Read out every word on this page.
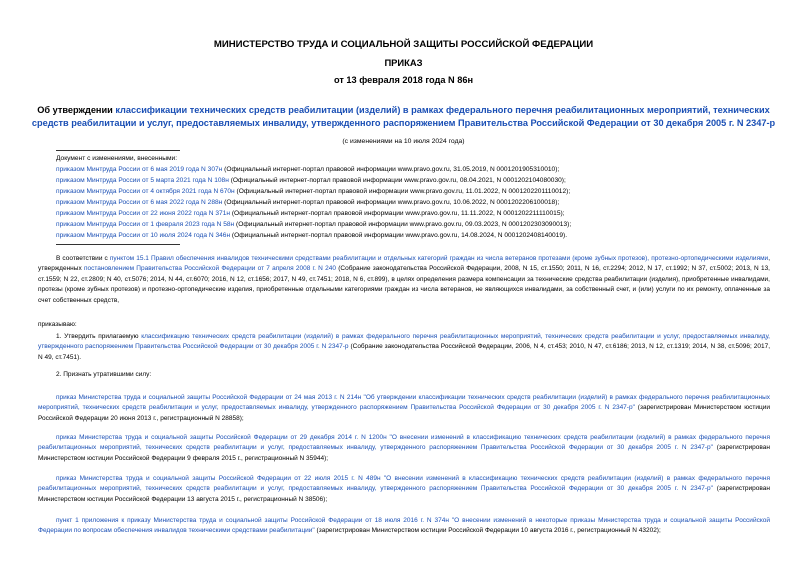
МИНИСТЕРСТВО ТРУДА И СОЦИАЛЬНОЙ ЗАЩИТЫ РОССИЙСКОЙ ФЕДЕРАЦИИ
ПРИКАЗ
от 13 февраля 2018 года N 86н
Об утверждении классификации технических средств реабилитации (изделий) в рамках федерального перечня реабилитационных мероприятий, технических средств реабилитации и услуг, предоставляемых инвалиду, утвержденного распоряжением Правительства Российской Федерации от 30 декабря 2005 г. N 2347-р
(с изменениями на 10 июля 2024 года)
Документ с изменениями, внесенными:
приказом Минтруда России от 6 мая 2019 года N 307н (Официальный интернет-портал правовой информации www.pravo.gov.ru, 31.05.2019, N 0001201905310010);
приказом Минтруда России от 5 марта 2021 года N 108н (Официальный интернет-портал правовой информации www.pravo.gov.ru, 08.04.2021, N 0001202104080030);
приказом Минтруда России от 4 октября 2021 года N 670н (Официальный интернет-портал правовой информации www.pravo.gov.ru, 11.01.2022, N 0001202201110012);
приказом Минтруда России от 6 мая 2022 года N 288н (Официальный интернет-портал правовой информации www.pravo.gov.ru, 10.06.2022, N 0001202206100018);
приказом Минтруда России от 22 июня 2022 года N 371н (Официальный интернет-портал правовой информации www.pravo.gov.ru, 11.11.2022, N 0001202211110015);
приказом Минтруда России от 1 февраля 2023 года N 58н (Официальный интернет-портал правовой информации www.pravo.gov.ru, 09.03.2023, N 0001202303090013);
приказом Минтруда России от 10 июля 2024 года N 346н (Официальный интернет-портал правовой информации www.pravo.gov.ru, 14.08.2024, N 0001202408140019).
В соответствии с пунктом 15.1 Правил обеспечения инвалидов техническими средствами реабилитации и отдельных категорий граждан из числа ветеранов протезами (кроме зубных протезов), протезно-ортопедическими изделиями, утвержденных постановлением Правительства Российской Федерации от 7 апреля 2008 г. N 240 (Собрание законодательства Российской Федерации, 2008, N 15, ст.1550; 2011, N 16, ст.2294; 2012, N 17, ст.1992; N 37, ст.5002; 2013, N 13, ст.1559; N 22, ст.2809; N 40, ст.5076; 2014, N 44, ст.6070; 2016, N 12, ст.1656; 2017, N 49, ст.7451; 2018, N 6, ст.899), в целях определения размера компенсации за технические средства реабилитации (изделия), приобретенные инвалидами, протезы (кроме зубных протезов) и протезно-ортопедические изделия, приобретенные отдельными категориями граждан из числа ветеранов, не являющихся инвалидами, за собственный счет, и (или) услуги по их ремонту, оплаченные за счет собственных средств,
приказываю:
1. Утвердить прилагаемую классификацию технических средств реабилитации (изделий) в рамках федерального перечня реабилитационных мероприятий, технических средств реабилитации и услуг, предоставляемых инвалиду, утвержденного распоряжением Правительства Российской Федерации от 30 декабря 2005 г. N 2347-р (Собрание законодательства Российской Федерации, 2006, N 4, ст.453; 2010, N 47, ст.6186; 2013, N 12, ст.1319; 2014, N 38, ст.5096; 2017, N 49, ст.7451).
2. Признать утратившими силу:
приказ Министерства труда и социальной защиты Российской Федерации от 24 мая 2013 г. N 214н "Об утверждении классификации технических средств реабилитации (изделий) в рамках федерального перечня реабилитационных мероприятий, технических средств реабилитации и услуг, предоставляемых инвалиду, утвержденного распоряжением Правительства Российской Федерации от 30 декабря 2005 г. N 2347-р" (зарегистрирован Министерством юстиции Российской Федерации 20 июня 2013 г., регистрационный N 28858);
приказ Министерства труда и социальной защиты Российской Федерации от 29 декабря 2014 г. N 1200н "О внесении изменений в классификацию технических средств реабилитации (изделий) в рамках федерального перечня реабилитационных мероприятий, технических средств реабилитации и услуг, предоставляемых инвалиду, утвержденного распоряжением Правительства Российской Федерации от 30 декабря 2005 г. N 2347-р" (зарегистрирован Министерством юстиции Российской Федерации 9 февраля 2015 г., регистрационный N 35944);
приказ Министерства труда и социальной защиты Российской Федерации от 22 июля 2015 г. N 489н "О внесении изменений в классификацию технических средств реабилитации (изделий) в рамках федерального перечня реабилитационных мероприятий, технических средств реабилитации и услуг, предоставляемых инвалиду, утвержденного распоряжением Правительства Российской Федерации от 30 декабря 2005 г. N 2347-р" (зарегистрирован Министерством юстиции Российской Федерации 13 августа 2015 г., регистрационный N 38506);
пункт 1 приложения к приказу Министерства труда и социальной защиты Российской Федерации от 18 июля 2016 г. N 374н "О внесении изменений в некоторые приказы Министерства труда и социальной защиты Российской Федерации по вопросам обеспечения инвалидов техническими средствами реабилитации" (зарегистрирован Министерством юстиции Российской Федерации 10 августа 2016 г., регистрационный N 43202);
